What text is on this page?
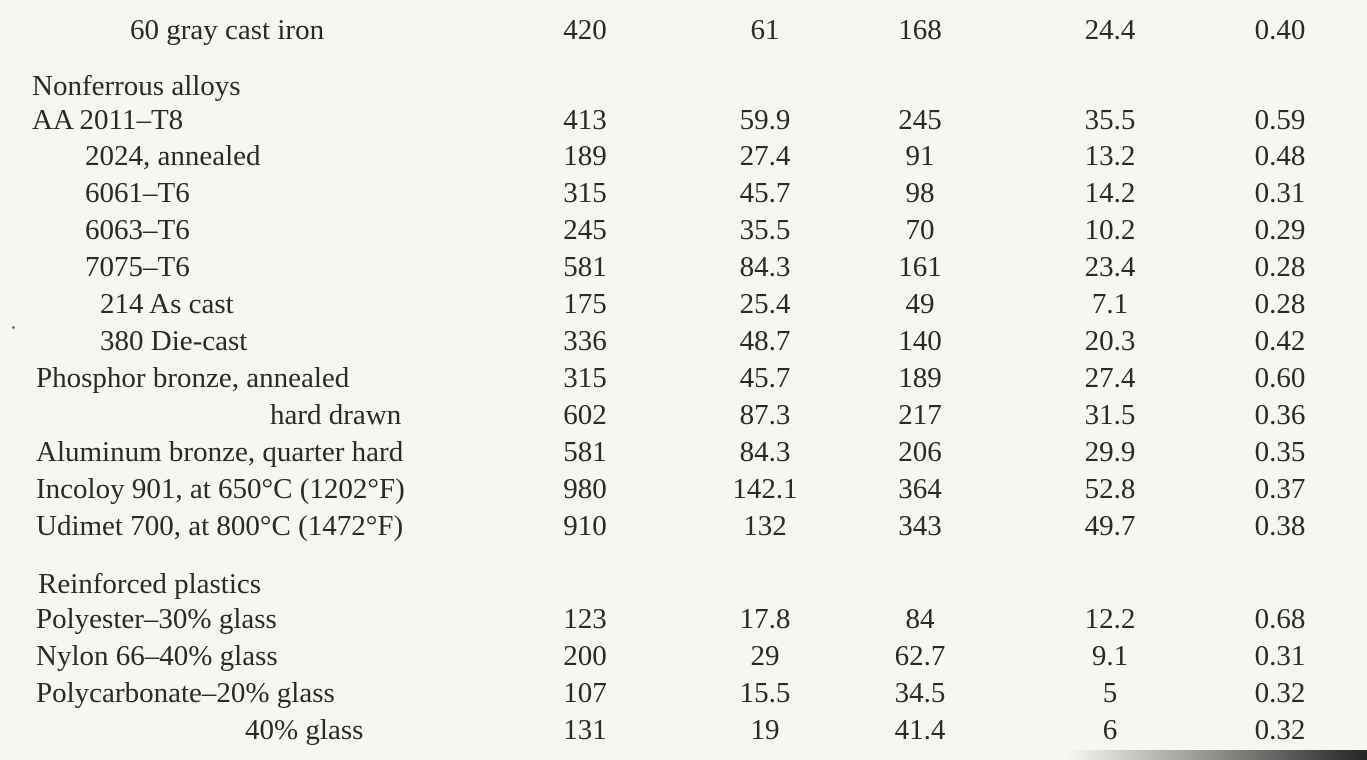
60 gray cast iron	420	61	168	24.4	0.40
Nonferrous alloys
AA 2011–T8	413	59.9	245	35.5	0.59
2024, annealed	189	27.4	91	13.2	0.48
6061–T6	315	45.7	98	14.2	0.31
6063–T6	245	35.5	70	10.2	0.29
7075–T6	581	84.3	161	23.4	0.28
214 As cast	175	25.4	49	7.1	0.28
380 Die-cast	336	48.7	140	20.3	0.42
Phosphor bronze, annealed	315	45.7	189	27.4	0.60
hard drawn	602	87.3	217	31.5	0.36
Aluminum bronze, quarter hard	581	84.3	206	29.9	0.35
Incoloy 901, at 650°C (1202°F)	980	142.1	364	52.8	0.37
Udimet 700, at 800°C (1472°F)	910	132	343	49.7	0.38
Reinforced plastics
Polyester–30% glass	123	17.8	84	12.2	0.68
Nylon 66–40% glass	200	29	62.7	9.1	0.31
Polycarbonate–20% glass	107	15.5	34.5	5	0.32
40% glass	131	19	41.4	6	0.32
